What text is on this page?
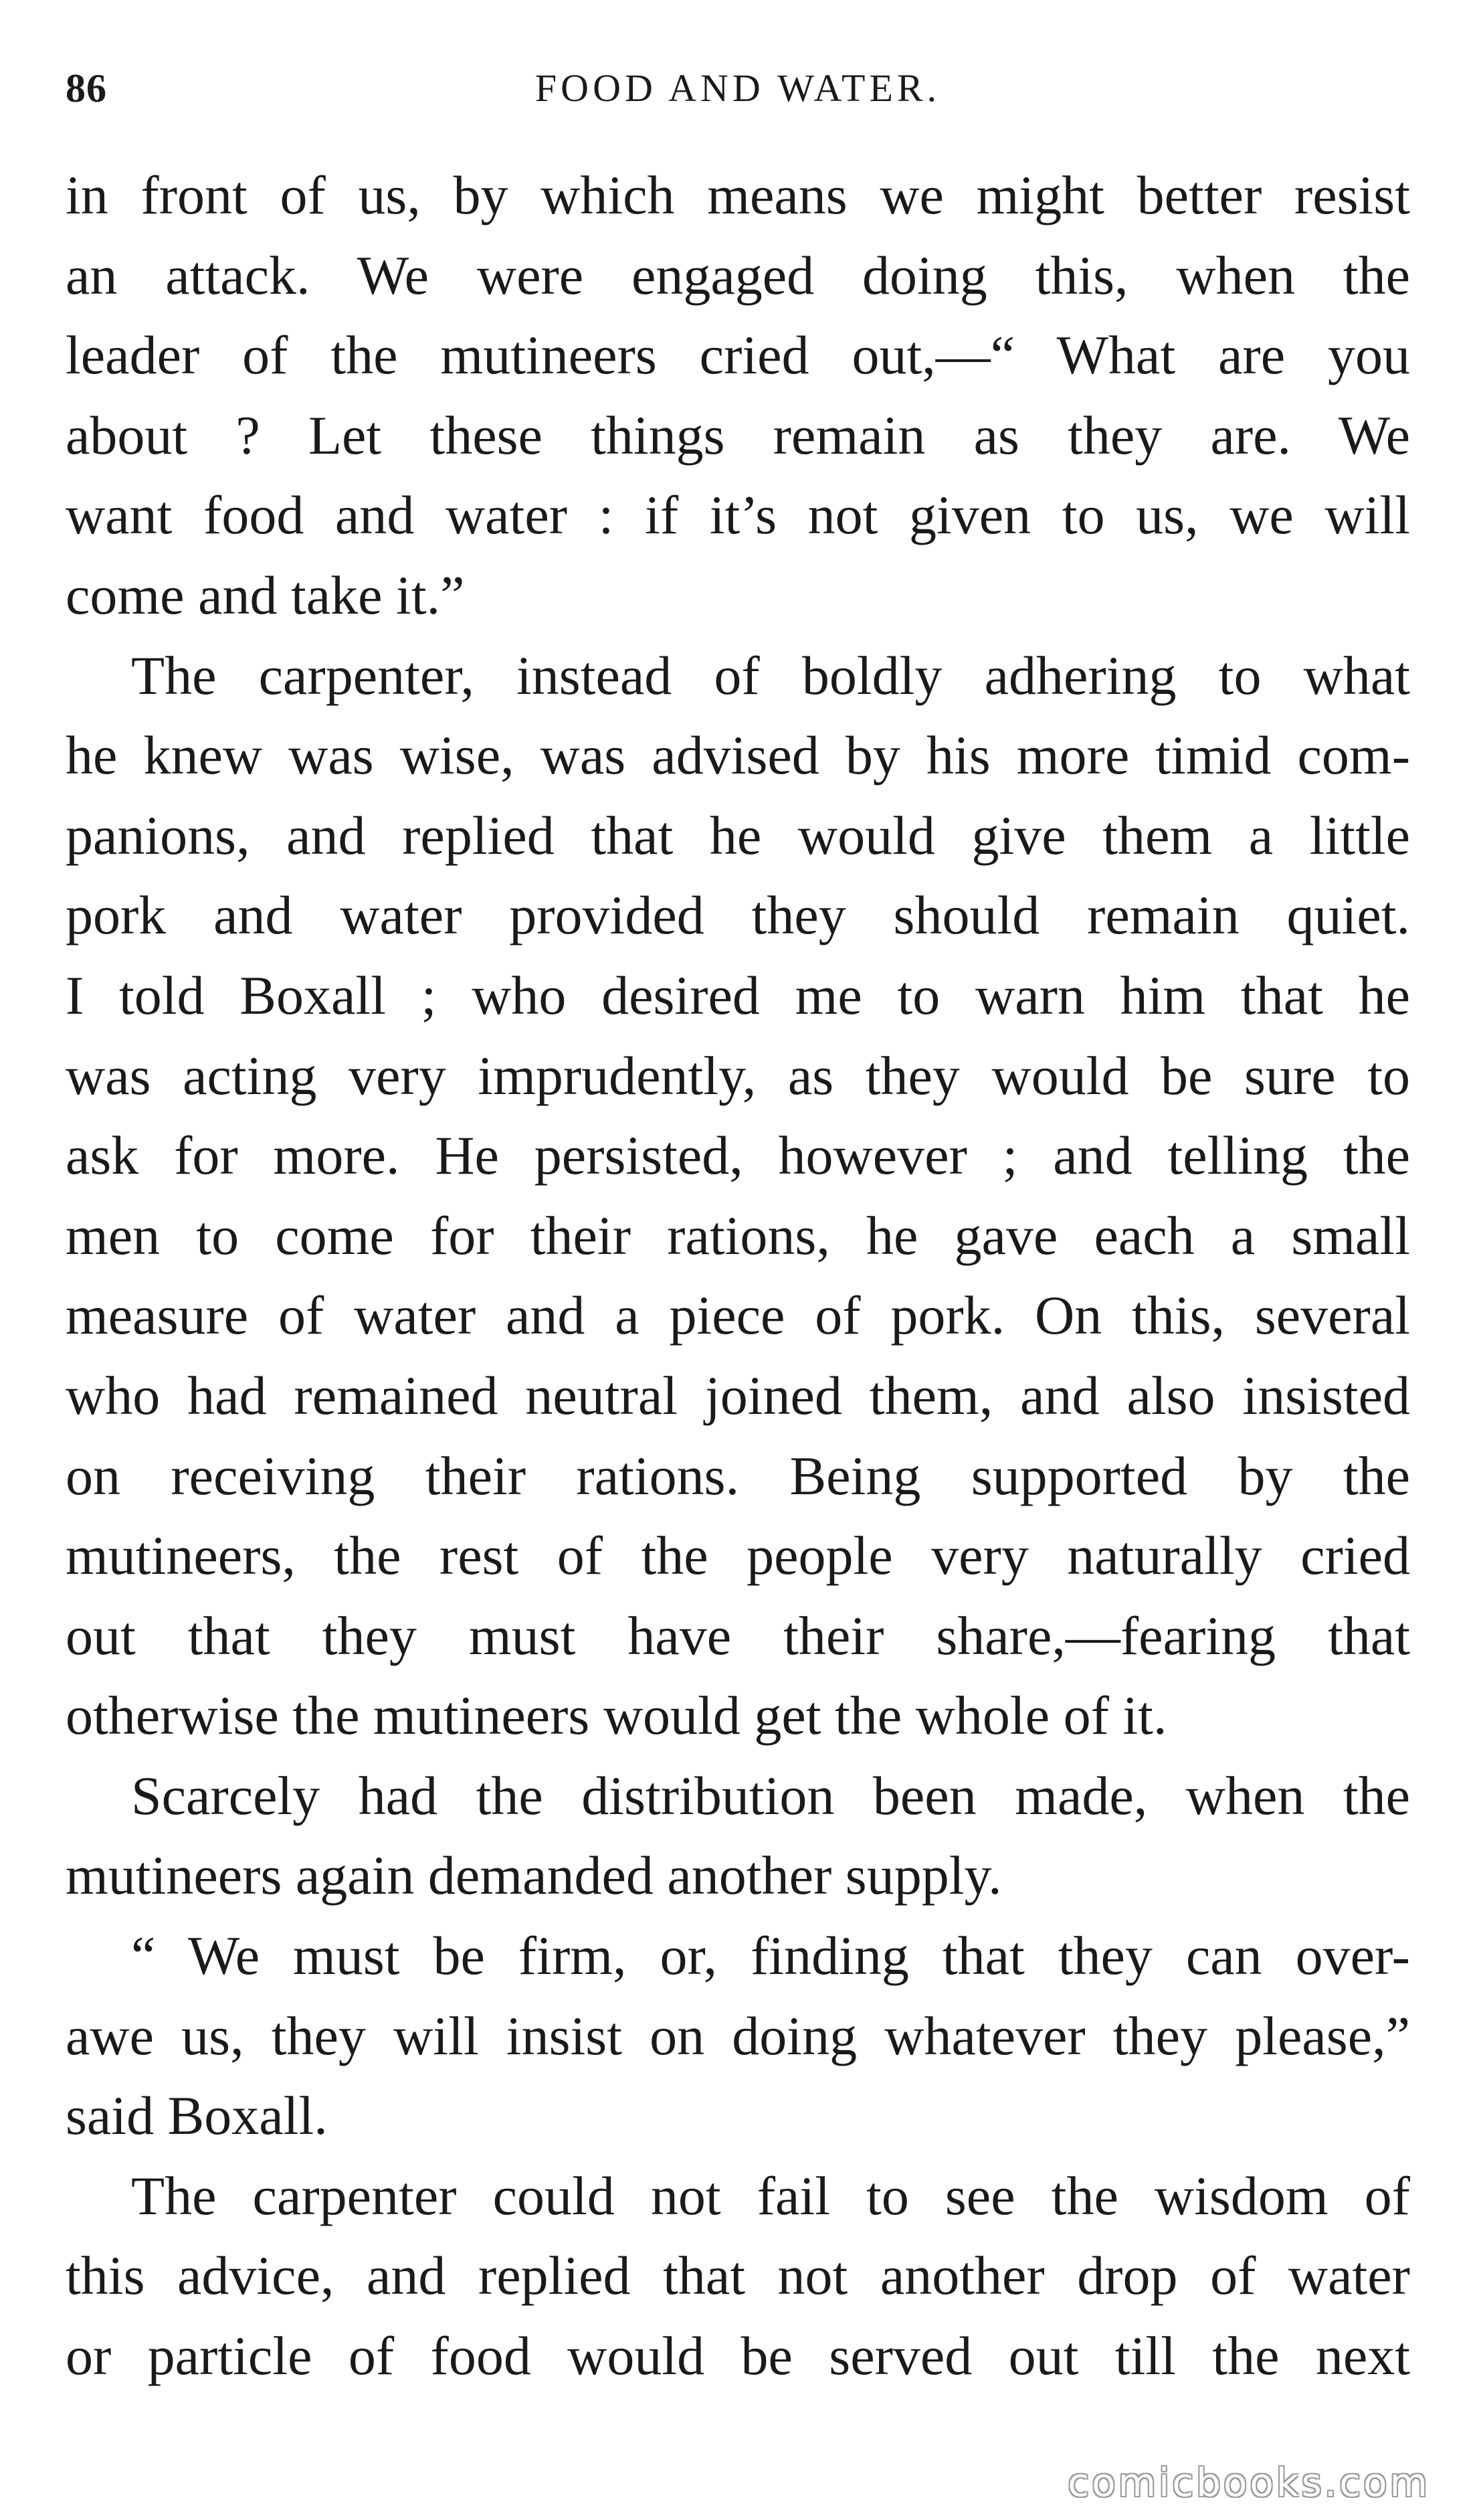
86	FOOD AND WATER.
in front of us, by which means we might better resist
an attack. We were engaged doing this, when the
leader of the mutineers cried out,—“ What are you
about ? Let these things remain as they are. We
want food and water : if it’s not given to us, we will
come and take it.”
The carpenter, instead of boldly adhering to what
he knew was wise, was advised by his more timid com-
panions, and replied that he would give them a little
pork and water provided they should remain quiet.
I told Boxall ; who desired me to warn him that he
was acting very imprudently, as they would be sure to
ask for more. He persisted, however ; and telling the
men to come for their rations, he gave each a small
measure of water and a piece of pork. On this, several
who had remained neutral joined them, and also insisted
on receiving their rations. Being supported by the
mutineers, the rest of the people very naturally cried
out that they must have their share,—fearing that
otherwise the mutineers would get the whole of it.
Scarcely had the distribution been made, when the
mutineers again demanded another supply.
“ We must be firm, or, finding that they can over-
awe us, they will insist on doing whatever they please,”
said Boxall.
The carpenter could not fail to see the wisdom of
this advice, and replied that not another drop of water
or particle of food would be served out till the next
comicbooks.com
